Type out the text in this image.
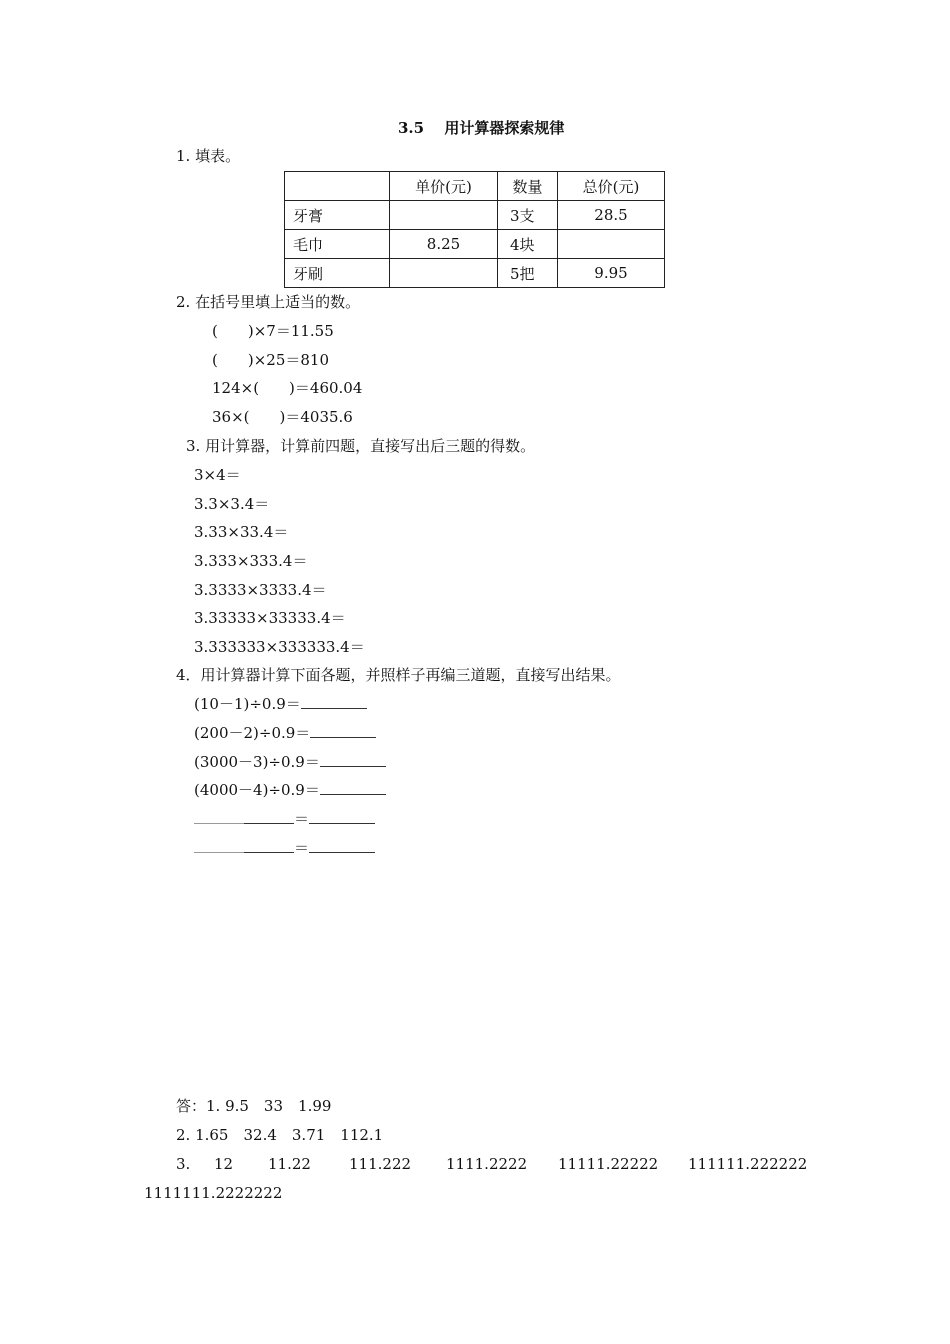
3.5　 用计算器探索规律
1. 填表。
	单价(元)	数量	总价(元)
牙膏		3支	28.5
毛巾	8.25	4块	
牙刷		5把	9.95
2. 在括号里填上适当的数。
(　　)×7＝11.55
(　　)×25＝810
124×(　　)＝460.04
36×(　　)＝4035.6
3. 用计算器，计算前四题，直接写出后三题的得数。
3×4＝
3.3×3.4＝
3.33×33.4＝
3.333×333.4＝
3.3333×3333.4＝
3.33333×33333.4＝
3.333333×333333.4＝
4．用计算器计算下面各题，并照样子再编三道题，直接写出结果。
(10－1)÷0.9＝
(200－2)÷0.9＝
(3000－3)÷0.9＝
(4000－4)÷0.9＝
＝
＝
答：1. 9.5　33　1.99
2. 1.65　32.4　3.71　112.1
3. 12 11.22	111.222 1111.2222 11111.22222 111111.222222
1111111.2222222
